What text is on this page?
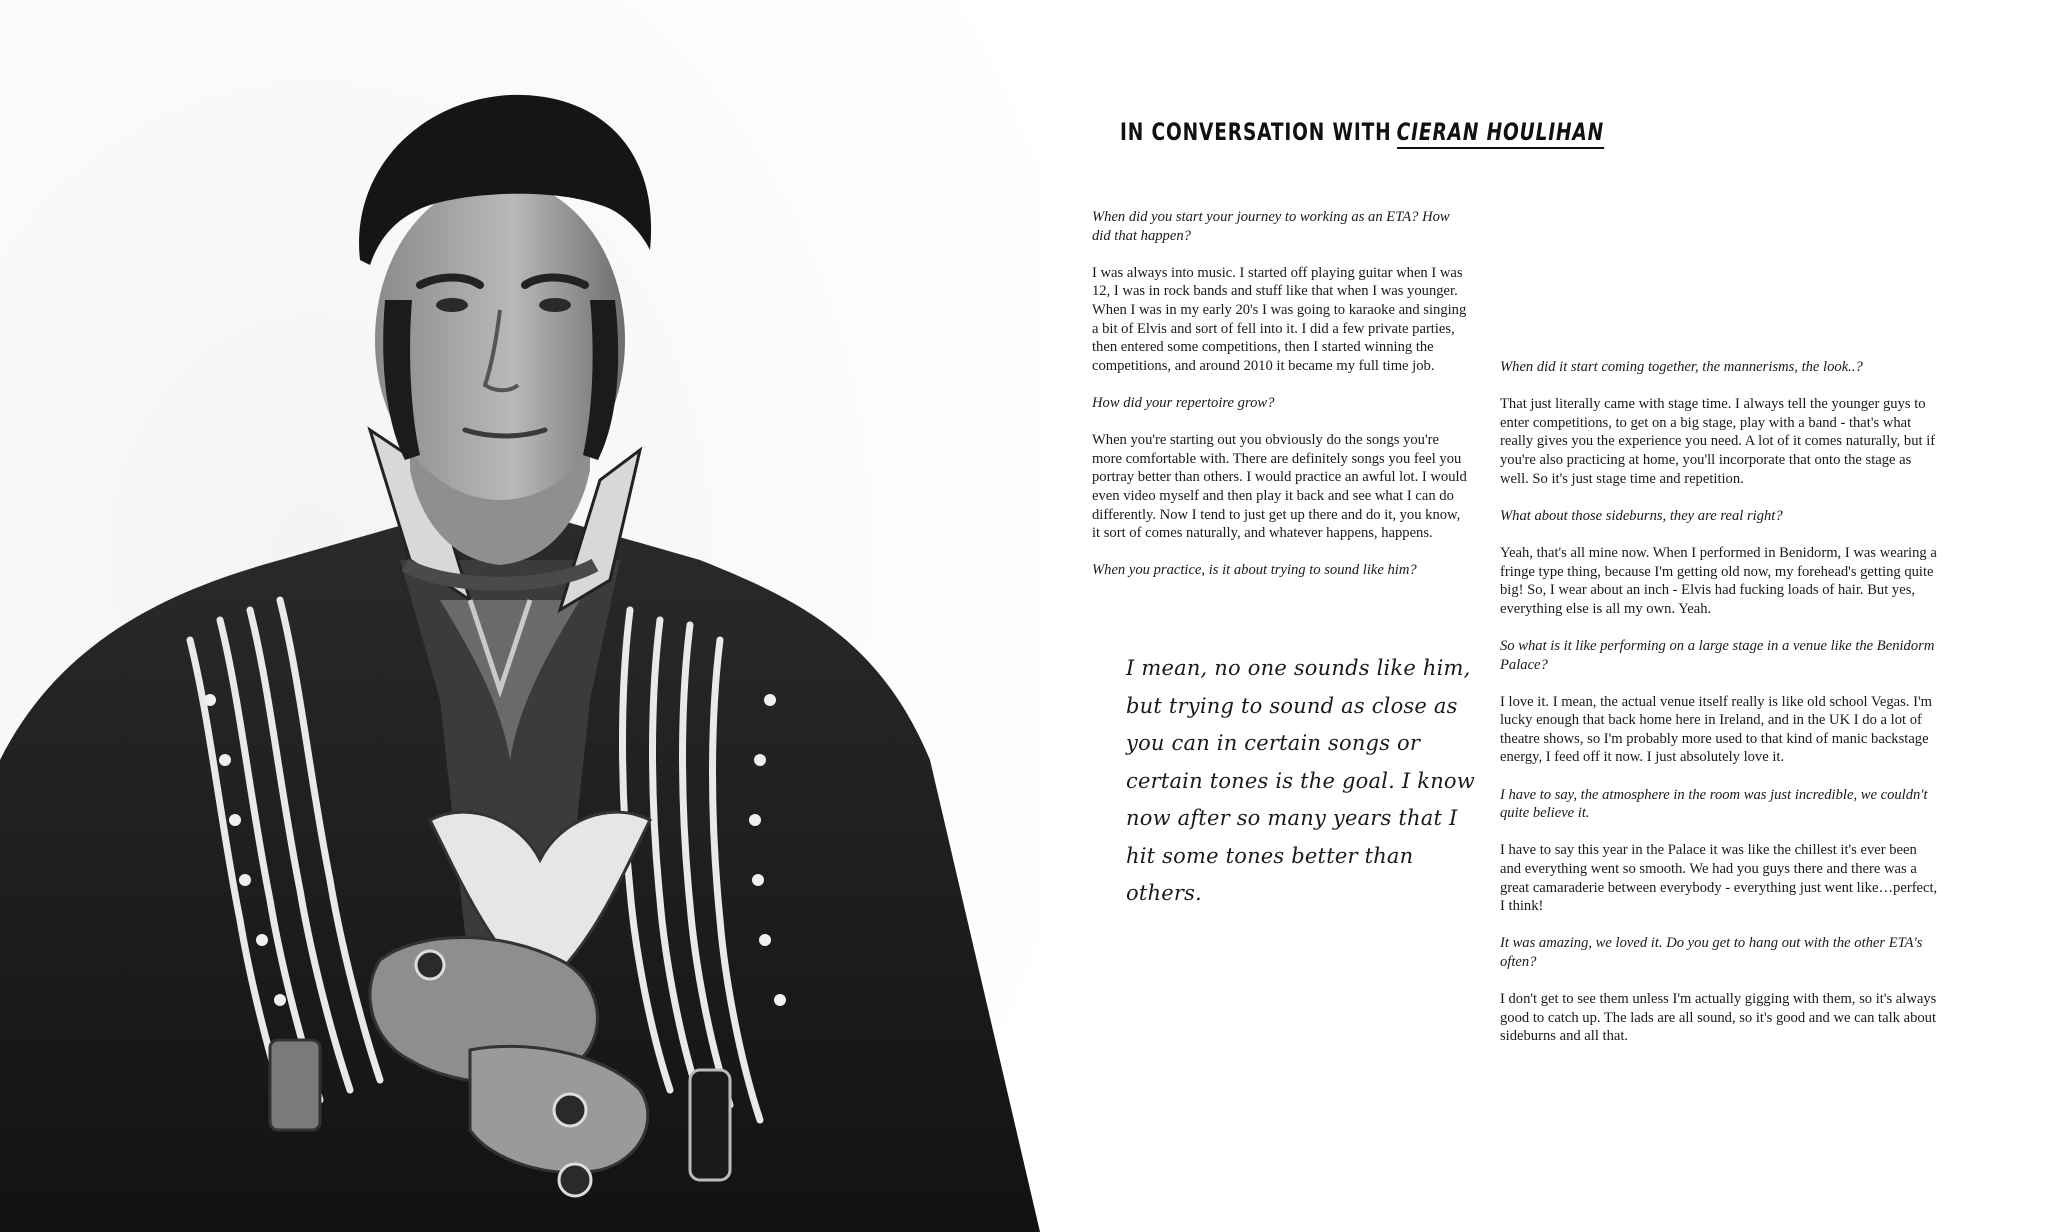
IN CONVERSATION WITH CIERAN HOULIHAN

When did you start your journey to working as an ETA? How did that happen?

I was always into music. I started off playing guitar when I was 12, I was in rock bands and stuff like that when I was younger. When I was in my early 20's I was going to karaoke and singing a bit of Elvis and sort of fell into it. I did a few private parties, then entered some competitions, then I started winning the competitions, and around 2010 it became my full time job.

How did your repertoire grow?

When you're starting out you obviously do the songs you're more comfortable with. There are definitely songs you feel you portray better than others. I would practice an awful lot. I would even video myself and then play it back and see what I can do differently. Now I tend to just get up there and do it, you know, it sort of comes naturally, and whatever happens, happens.

When you practice, is it about trying to sound like him?

I mean, no one sounds like him, but trying to sound as close as you can in certain songs or certain tones is the goal. I know now after so many years that I hit some tones better than others.

When did it start coming together, the mannerisms, the look..?

That just literally came with stage time. I always tell the younger guys to enter competitions, to get on a big stage, play with a band - that's what really gives you the experience you need. A lot of it comes naturally, but if you're also practicing at home, you'll incorporate that onto the stage as well. So it's just stage time and repetition.

What about those sideburns, they are real right?

Yeah, that's all mine now. When I performed in Benidorm, I was wearing a fringe type thing, because I'm getting old now, my forehead's getting quite big! So, I wear about an inch - Elvis had fucking loads of hair. But yes, everything else is all my own. Yeah.

So what is it like performing on a large stage in a venue like the Benidorm Palace?

I love it. I mean, the actual venue itself really is like old school Vegas. I'm lucky enough that back home here in Ireland, and in the UK I do a lot of theatre shows, so I'm probably more used to that kind of manic backstage energy, I feed off it now. I just absolutely love it.

I have to say, the atmosphere in the room was just incredible, we couldn't quite believe it.

I have to say this year in the Palace it was like the chillest it's ever been and everything went so smooth. We had you guys there and there was a great camaraderie between everybody - everything just went like…perfect, I think!

It was amazing, we loved it. Do you get to hang out with the other ETA's often?

I don't get to see them unless I'm actually gigging with them, so it's always good to catch up. The lads are all sound, so it's good and we can talk about sideburns and all that.
